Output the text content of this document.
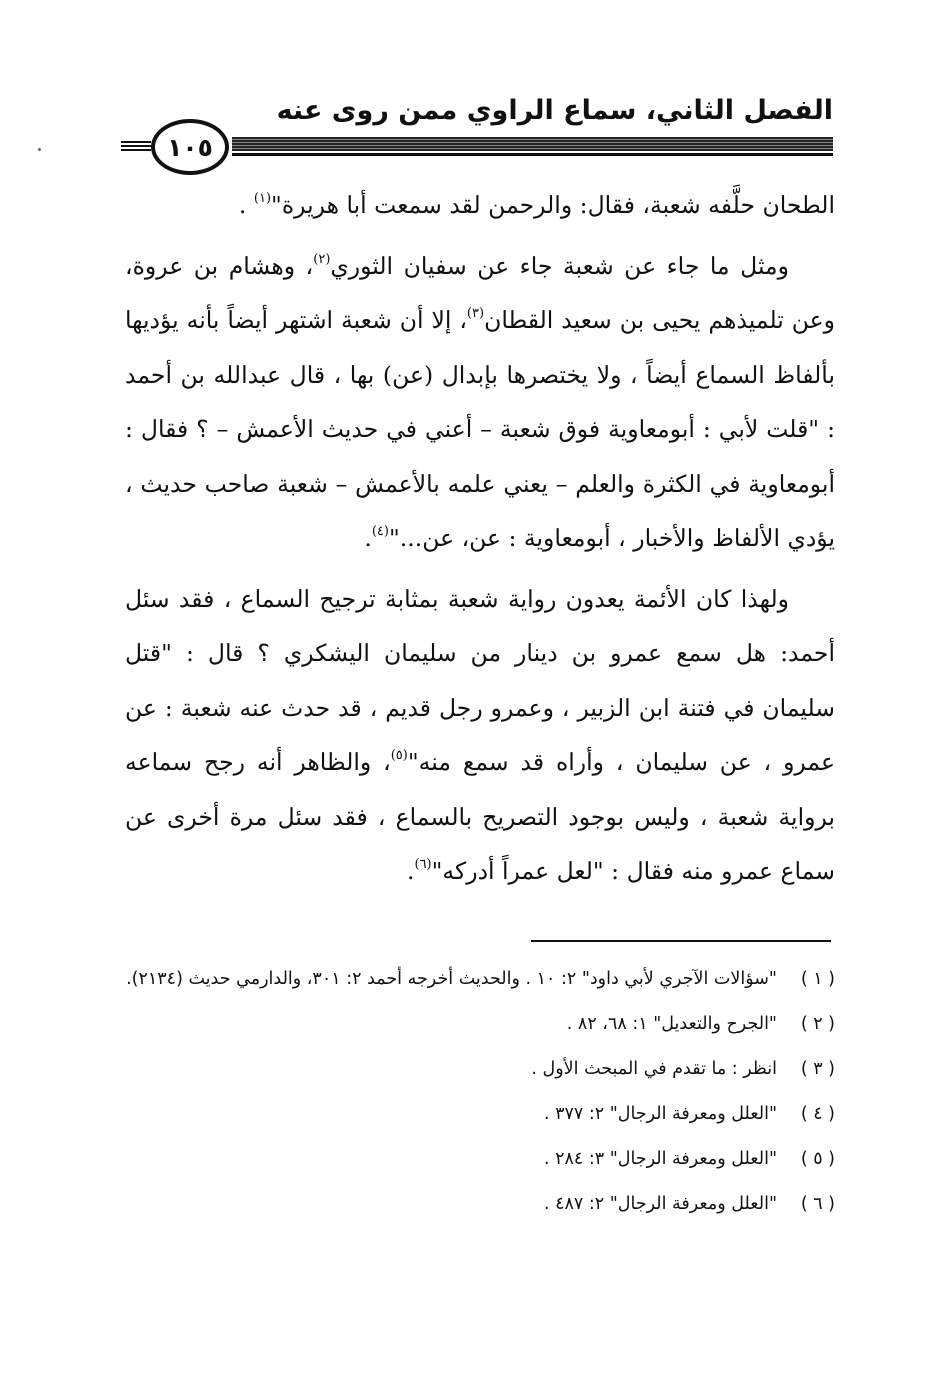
الفصل الثاني، سماع الراوي ممن روى عنه
١٠٥

الطحان حلَّفه شعبة، فقال: والرحمن لقد سمعت أبا هريرة"$^{(١)}$ .

ومثل ما جاء عن شعبة جاء عن سفيان الثوري$^{(٢)}$، وهشام بن عروة، وعن تلميذهم يحيى بن سعيد القطان$^{(٣)}$، إلا أن شعبة اشتهر أيضاً بأنه يؤديها بألفاظ السماع أيضاً ، ولا يختصرها بإبدال (عن) بها ، قال عبدالله بن أحمد : "قلت لأبي : أبومعاوية فوق شعبة – أعني في حديث الأعمش – ؟ فقال : أبومعاوية في الكثرة والعلم – يعني علمه بالأعمش – شعبة صاحب حديث ، يؤدي الألفاظ والأخبار ، أبومعاوية : عن، عن..."$^{(٤)}$.

ولهذا كان الأئمة يعدون رواية شعبة بمثابة ترجيح السماع ، فقد سئل أحمد: هل سمع عمرو بن دينار من سليمان اليشكري ؟ قال : "قتل سليمان في فتنة ابن الزبير ، وعمرو رجل قديم ، قد حدث عنه شعبة : عن عمرو ، عن سليمان ، وأراه قد سمع منه"$^{(٥)}$، والظاهر أنه رجح سماعه برواية شعبة ، وليس بوجود التصريح بالسماع ، فقد سئل مرة أخرى عن سماع عمرو منه فقال : "لعل عمراً أدركه"$^{(٦)}$.

( ١ )
"سؤالات الآجري لأبي داود" ٢: ١٠ . والحديث أخرجه أحمد ٢: ٣٠١، والدارمي حديث (٢١٣٤).
( ٢ )
"الجرح والتعديل" ١: ٦٨، ٨٢ .
( ٣ )
انظر : ما تقدم في المبحث الأول .
( ٤ )
"العلل ومعرفة الرجال" ٢: ٣٧٧ .
( ٥ )
"العلل ومعرفة الرجال" ٣: ٢٨٤ .
( ٦ )
"العلل ومعرفة الرجال" ٢: ٤٨٧ .
